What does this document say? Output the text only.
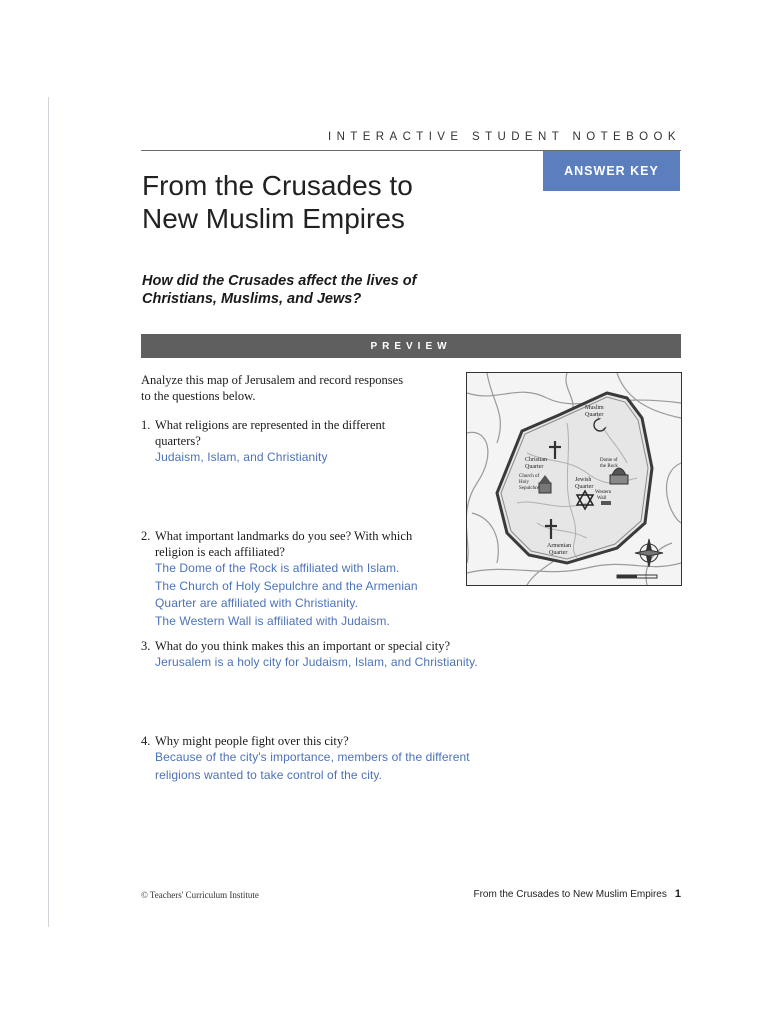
INTERACTIVE STUDENT NOTEBOOK
ANSWER KEY
From the Crusades to
New Muslim Empires
How did the Crusades affect the lives of
Christians, Muslims, and Jews?
PREVIEW
Analyze this map of Jerusalem and record responses
to the questions below.
Muslim
Quarter
Christian
Quarter
Jewish
Quarter
Armenian
Quarter
Dome of
the Rock
Church of
Holy
Sepulchre
Western
Wall
1. What religions are represented in the different
quarters?
Judaism, Islam, and Christianity
2. What important landmarks do you see? With which
religion is each affiliated?
The Dome of the Rock is affiliated with Islam.
The Church of Holy Sepulchre and the Armenian
Quarter are affiliated with Christianity.
The Western Wall is affiliated with Judaism.
3. What do you think makes this an important or special city?
Jerusalem is a holy city for Judaism, Islam, and Christianity.
4. Why might people fight over this city?
Because of the city's importance, members of the different
religions wanted to take control of the city.
© Teachers' Curriculum Institute	From the Crusades to New Muslim Empires 1
